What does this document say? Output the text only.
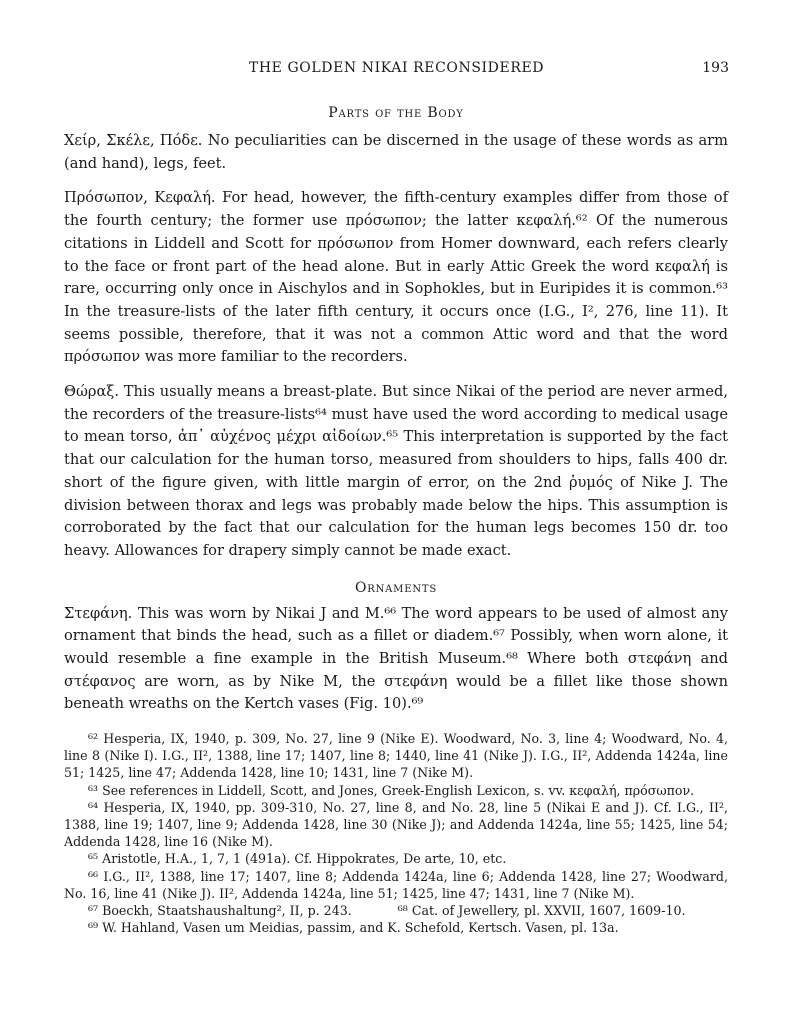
THE GOLDEN NIKAI RECONSIDERED	193
Parts of the Body

Χείρ, Σκέλε, Πόδε. No peculiarities can be discerned in the usage of these words as arm (and hand), legs, feet.

Πρόσωπον, Κεφαλή. For head, however, the fifth-century examples differ from those of the fourth century; the former use πρόσωπον; the latter κεφαλή.⁶² Of the numerous citations in Liddell and Scott for πρόσωπον from Homer downward, each refers clearly to the face or front part of the head alone. But in early Attic Greek the word κεφαλή is rare, occurring only once in Aischylos and in Sophokles, but in Euripides it is common.⁶³ In the treasure-lists of the later fifth century, it occurs once (I.G., I², 276, line 11). It seems possible, therefore, that it was not a common Attic word and that the word πρόσωπον was more familiar to the recorders.

Θώραξ. This usually means a breast-plate. But since Nikai of the period are never armed, the recorders of the treasure-lists⁶⁴ must have used the word according to medical usage to mean torso, ἀπ᾽ αὐχένος μέχρι αἰδοίων.⁶⁵ This interpretation is supported by the fact that our calculation for the human torso, measured from shoulders to hips, falls 400 dr. short of the figure given, with little margin of error, on the 2nd ῥυμός of Nike J. The division between thorax and legs was probably made below the hips. This assumption is corroborated by the fact that our calculation for the human legs becomes 150 dr. too heavy. Allowances for drapery simply cannot be made exact.

Ornaments

Στεφάνη. This was worn by Nikai J and M.⁶⁶ The word appears to be used of almost any ornament that binds the head, such as a fillet or diadem.⁶⁷ Possibly, when worn alone, it would resemble a fine example in the British Museum.⁶⁸ Where both στεφάνη and στέφανος are worn, as by Nike M, the στεφάνη would be a fillet like those shown beneath wreaths on the Kertch vases (Fig. 10).⁶⁹

⁶² Hesperia, IX, 1940, p. 309, No. 27, line 9 (Nike E). Woodward, No. 3, line 4; Woodward, No. 4, line 8 (Nike I). I.G., II², 1388, line 17; 1407, line 8; 1440, line 41 (Nike J). I.G., II², Addenda 1424a, line 51; 1425, line 47; Addenda 1428, line 10; 1431, line 7 (Nike M).

⁶³ See references in Liddell, Scott, and Jones, Greek-English Lexicon, s. vv. κεφαλή, πρόσωπον.

⁶⁴ Hesperia, IX, 1940, pp. 309-310, No. 27, line 8, and No. 28, line 5 (Nikai E and J). Cf. I.G., II², 1388, line 19; 1407, line 9; Addenda 1428, line 30 (Nike J); and Addenda 1424a, line 55; 1425, line 54; Addenda 1428, line 16 (Nike M).

⁶⁵ Aristotle, H.A., 1, 7, 1 (491a). Cf. Hippokrates, De arte, 10, etc.

⁶⁶ I.G., II², 1388, line 17; 1407, line 8; Addenda 1424a, line 6; Addenda 1428, line 27; Woodward, No. 16, line 41 (Nike J). II², Addenda 1424a, line 51; 1425, line 47; 1431, line 7 (Nike M).

⁶⁷ Boeckh, Staatshaushaltung², II, p. 243.	⁶⁸ Cat. of Jewellery, pl. XXVII, 1607, 1609-10.

⁶⁹ W. Hahland, Vasen um Meidias, passim, and K. Schefold, Kertsch. Vasen, pl. 13a.
